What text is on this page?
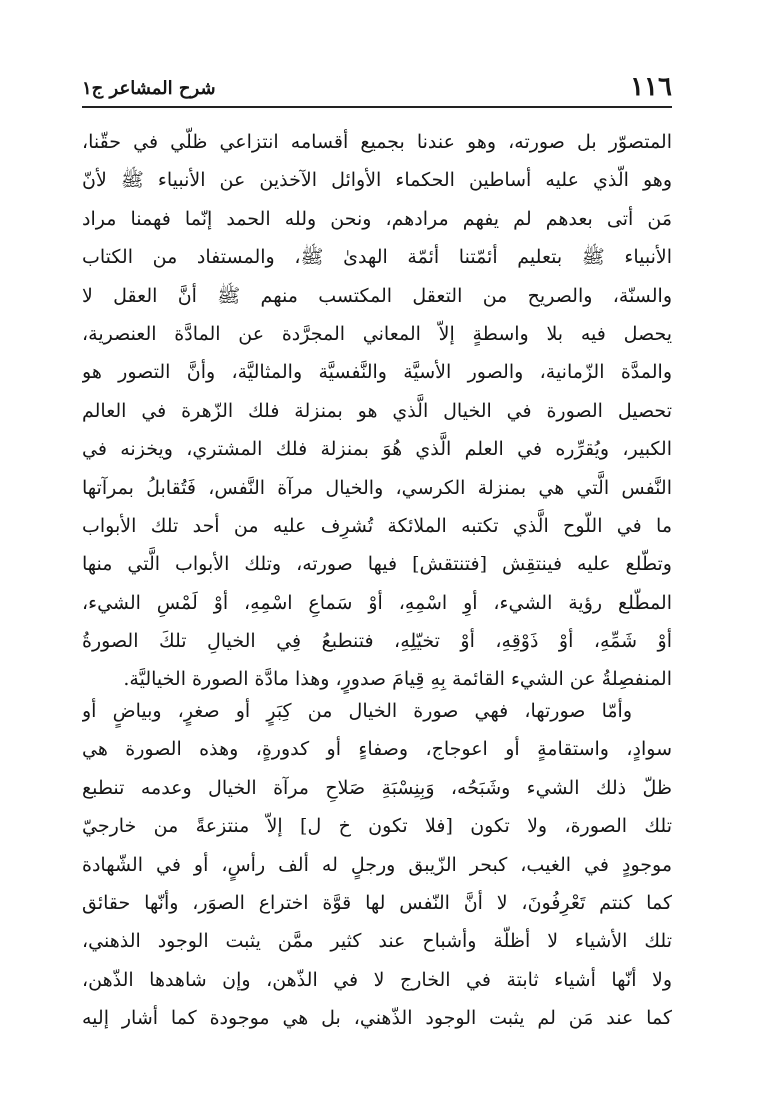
١١٦
شرح المشاعر ج١
المتصوّر بل صورته، وهو عندنا بجميع أقسامه انتزاعي ظلّي في حقّنا،
وهو الّذي عليه أساطين الحكماء الأوائل الآخذين عن الأنبياء ﷺ لأنّ
مَن أتى بعدهم لم يفهم مرادهم، ونحن ولله الحمد إنّما فهمنا مراد
الأنبياء ﷺ بتعليم أئمّتنا أئمّة الهدىٰ ﷺ، والمستفاد من الكتاب
والسنّة، والصريح من التعقل المكتسب منهم ﷺ أنَّ العقل لا
يحصل فيه بلا واسطةٍ إلاّ المعاني المجرَّدة عن المادَّة العنصرية،
والمدَّة الزّمانية، والصور الأسيَّة والنَّفسيَّة والمثاليَّة، وأنَّ التصور هو
تحصيل الصورة في الخيال الَّذي هو بمنزلة فلك الزّهرة في العالم
الكبير، ويُقرِّره في العلم الَّذي هُوَ بمنزلة فلك المشتري، ويخزنه في
النَّفس الَّتي هي بمنزلة الكرسي، والخيال مرآة النَّفس، فَتُقابلُ بمرآتها
ما في اللّوح الَّذي تكتبه الملائكة تُشرِف عليه من أحد تلك الأبواب
وتطّلع عليه فينتقِش [فتنتقش] فيها صورته، وتلك الأبواب الَّتي منها
المطّلع رؤية الشيء، أوِ اسْمِهِ، أوْ سَماعِ اسْمِهِ، أوْ لَمْسِ الشيء،
أوْ شَمِّهِ، أوْ ذَوْقِهِ، أوْ تخيّلِهِ، فتنطبعُ فِي الخيالِ تلكَ الصورةُ
المنفصِلةُ عن الشيء القائمة بِهِ قِيامَ صدورٍ، وهذا مادَّة الصورة الخياليَّة.
وأمّا صورتها، فهي صورة الخيال من كِبَرٍ أو صغرٍ، وبياضٍ أو
سوادٍ، واستقامةٍ أو اعوجاج، وصفاءٍ أو كدورةٍ، وهذه الصورة هي
ظلّ ذلك الشيء وشَبَحُه، وَبِنِسْبَةِ صَلاحِ مرآة الخيال وعدمه تنطبع
تلك الصورة، ولا تكون [فلا تكون خ ل] إلاّ منتزعةً من خارجيّ
موجودٍ في الغيب، كبحر الزّيبق ورجلٍ له ألف رأسٍ، أو في الشّهادة
كما كنتم تَعْرِفُونَ، لا أنَّ النّفس لها قوَّة اختراع الصوَر، وأنّها حقائق
تلك الأشياء لا أظلّة وأشباح عند كثير ممَّن يثبت الوجود الذهني،
ولا أنّها أشياء ثابتة في الخارج لا في الذّهن، وإن شاهدها الذّهن،
كما عند مَن لم يثبت الوجود الذّهني، بل هي موجودة كما أشار إليه
